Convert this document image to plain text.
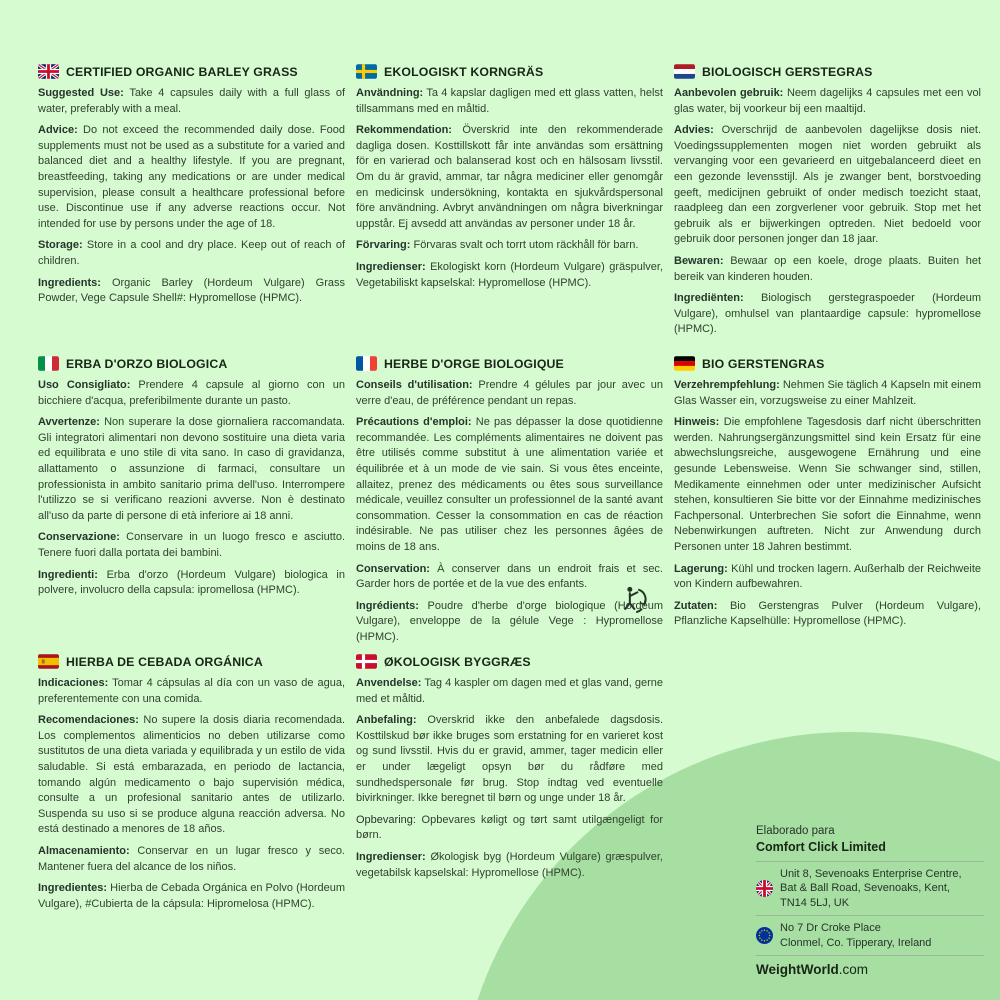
CERTIFIED ORGANIC BARLEY GRASS

Suggested Use: Take 4 capsules daily with a full glass of water, preferably with a meal.

Advice: Do not exceed the recommended daily dose. Food supplements must not be used as a substitute for a varied and balanced diet and a healthy lifestyle. If you are pregnant, breastfeeding, taking any medications or are under medical supervision, please consult a healthcare professional before use. Discontinue use if any adverse reactions occur. Not intended for use by persons under the age of 18.

Storage: Store in a cool and dry place. Keep out of reach of children.

Ingredients: Organic Barley (Hordeum Vulgare) Grass Powder, Vege Capsule Shell#: Hypromellose (HPMC).

EKOLOGISKT KORNGRÄS

Användning: Ta 4 kapslar dagligen med ett glass vatten, helst tillsammans med en måltid.

Rekommendation: Överskrid inte den rekommenderade dagliga dosen. Kosttillskott får inte användas som ersättning för en varierad och balanserad kost och en hälsosam livsstil. Om du är gravid, ammar, tar några mediciner eller genomgår en medicinsk undersökning, kontakta en sjukvårdspersonal före användning. Avbryt användningen om några biverkningar uppstår. Ej avsedd att användas av personer under 18 år.

Förvaring: Förvaras svalt och torrt utom räckhåll för barn.

Ingredienser: Ekologiskt korn (Hordeum Vulgare) gräspulver, Vegetabiliskt kapselskal: Hypromellose (HPMC).

BIOLOGISCH GERSTEGRAS

Aanbevolen gebruik: Neem dagelijks 4 capsules met een vol glas water, bij voorkeur bij een maaltijd.

Advies: Overschrijd de aanbevolen dagelijkse dosis niet. Voedingssupplementen mogen niet worden gebruikt als vervanging voor een gevarieerd en uitgebalanceerd dieet en een gezonde levensstijl. Als je zwanger bent, borstvoeding geeft, medicijnen gebruikt of onder medisch toezicht staat, raadpleeg dan een zorgverlener voor gebruik. Stop met het gebruik als er bijwerkingen optreden. Niet bedoeld voor gebruik door personen jonger dan 18 jaar.

Bewaren: Bewaar op een koele, droge plaats. Buiten het bereik van kinderen houden.

Ingrediënten: Biologisch gerstegraspoeder (Hordeum Vulgare), omhulsel van plantaardige capsule: hypromellose (HPMC).

ERBA D'ORZO BIOLOGICA

Uso Consigliato: Prendere 4 capsule al giorno con un bicchiere d'acqua, preferibilmente durante un pasto.

Avvertenze: Non superare la dose giornaliera raccomandata. Gli integratori alimentari non devono sostituire una dieta varia ed equilibrata e uno stile di vita sano. In caso di gravidanza, allattamento o assunzione di farmaci, consultare un professionista in ambito sanitario prima dell'uso. Interrompere l'utilizzo se si verificano reazioni avverse. Non è destinato all'uso da parte di persone di età inferiore ai 18 anni.

Conservazione: Conservare in un luogo fresco e asciutto. Tenere fuori dalla portata dei bambini.

Ingredienti: Erba d'orzo (Hordeum Vulgare) biologica in polvere, involucro della capsula: ipromellosa (HPMC).

HERBE D'ORGE BIOLOGIQUE

Conseils d'utilisation: Prendre 4 gélules par jour avec un verre d'eau, de préférence pendant un repas.

Précautions d'emploi: Ne pas dépasser la dose quotidienne recommandée. Les compléments alimentaires ne doivent pas être utilisés comme substitut à une alimentation variée et équilibrée et à un mode de vie sain. Si vous êtes enceinte, allaitez, prenez des médicaments ou êtes sous surveillance médicale, veuillez consulter un professionnel de la santé avant consommation. Cesser la consommation en cas de réaction indésirable. Ne pas utiliser chez les personnes âgées de moins de 18 ans.

Conservation: À conserver dans un endroit frais et sec. Garder hors de portée et de la vue des enfants.

Ingrédients: Poudre d'herbe d'orge biologique (Hordeum Vulgare), enveloppe de la gélule Vege : Hypromellose (HPMC).

BIO GERSTENGRAS

Verzehrempfehlung: Nehmen Sie täglich 4 Kapseln mit einem Glas Wasser ein, vorzugsweise zu einer Mahlzeit.

Hinweis: Die empfohlene Tagesdosis darf nicht überschritten werden. Nahrungsergänzungsmittel sind kein Ersatz für eine abwechslungsreiche, ausgewogene Ernährung und eine gesunde Lebensweise. Wenn Sie schwanger sind, stillen, Medikamente einnehmen oder unter medizinischer Aufsicht stehen, konsultieren Sie bitte vor der Einnahme medizinisches Fachpersonal. Unterbrechen Sie sofort die Einnahme, wenn Nebenwirkungen auftreten. Nicht zur Anwendung durch Personen unter 18 Jahren bestimmt.

Lagerung: Kühl und trocken lagern. Außerhalb der Reichweite von Kindern aufbewahren.

Zutaten: Bio Gerstengras Pulver (Hordeum Vulgare), Pflanzliche Kapselhülle: Hypromellose (HPMC).

HIERBA DE CEBADA ORGÁNICA

Indicaciones: Tomar 4 cápsulas al día con un vaso de agua, preferentemente con una comida.

Recomendaciones: No supere la dosis diaria recomendada. Los complementos alimenticios no deben utilizarse como sustitutos de una dieta variada y equilibrada y un estilo de vida saludable. Si está embarazada, en periodo de lactancia, tomando algún medicamento o bajo supervisión médica, consulte a un profesional sanitario antes de utilizarlo. Suspenda su uso si se produce alguna reacción adversa. No está destinado a menores de 18 años.

Almacenamiento: Conservar en un lugar fresco y seco. Mantener fuera del alcance de los niños.

Ingredientes: Hierba de Cebada Orgánica en Polvo (Hordeum Vulgare), #Cubierta de la cápsula: Hipromelosa (HPMC).

ØKOLOGISK BYGGRÆS

Anvendelse: Tag 4 kaspler om dagen med et glas vand, gerne med et måltid.

Anbefaling: Overskrid ikke den anbefalede dagsdosis. Kosttilskud bør ikke bruges som erstatning for en varieret kost og sund livsstil. Hvis du er gravid, ammer, tager medicin eller er under lægeligt opsyn bør du rådføre med sundhedspersonale før brug. Stop indtag ved eventuelle bivirkninger. Ikke beregnet til børn og unge under 18 år.

Opbevaring: Opbevares køligt og tørt samt utilgængeligt for børn.

Ingredienser: Økologisk byg (Hordeum Vulgare) græspulver, vegetabilsk kapselskal: Hypromellose (HPMC).

Elaborado para

Comfort Click Limited

Unit 8, Sevenoaks Enterprise Centre,
Bat & Ball Road, Sevenoaks, Kent,
TN14 5LJ, UK
No 7 Dr Croke Place
Clonmel, Co. Tipperary, Ireland

WeightWorld.com
